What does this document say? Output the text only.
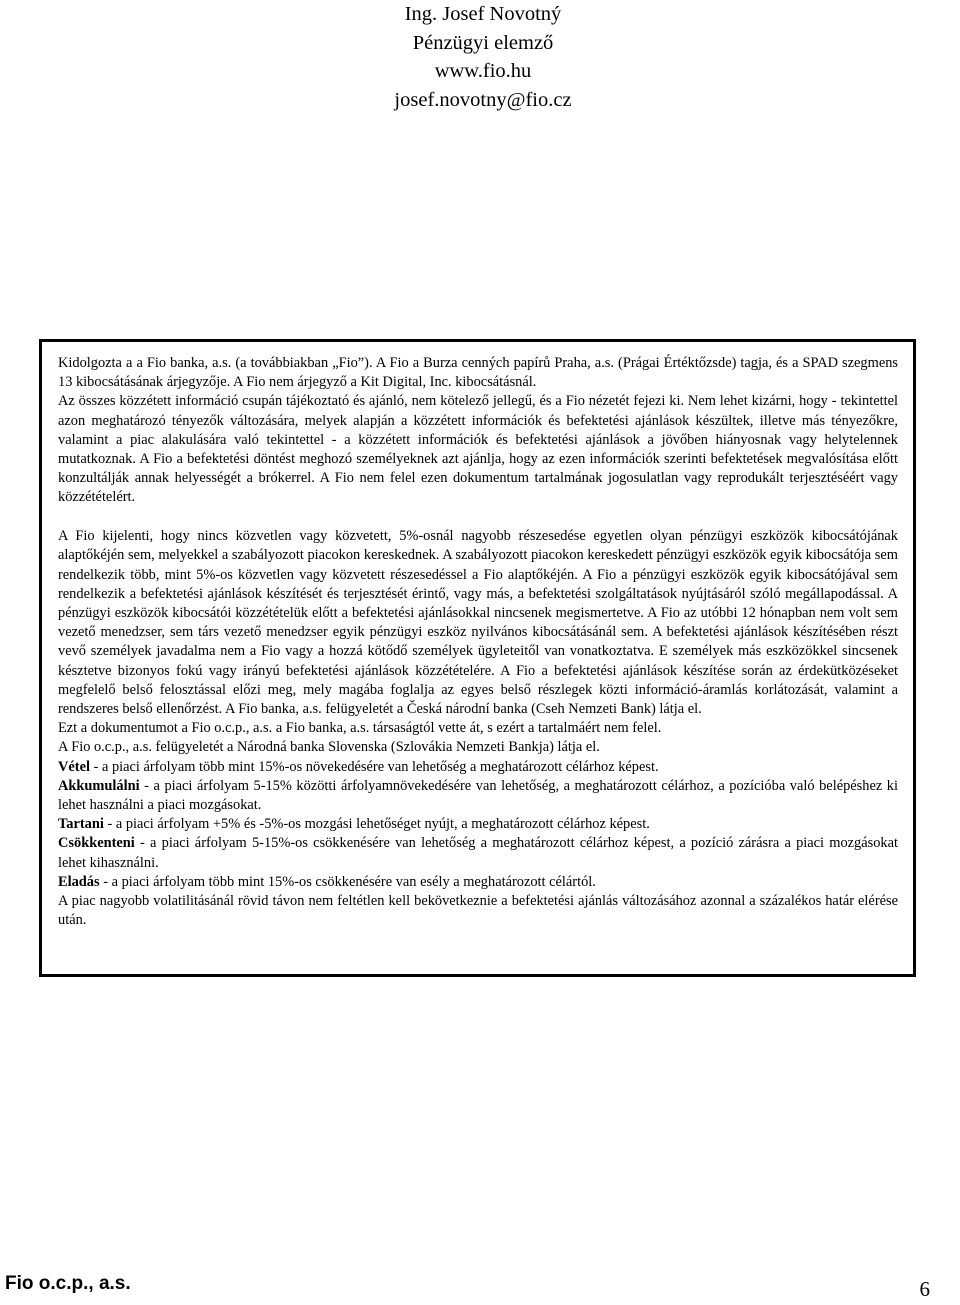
Ing. Josef Novotný
Pénzügyi elemző
www.fio.hu
josef.novotny@fio.cz

Kidolgozta a a Fio banka, a.s. (a továbbiakban „Fio”). A Fio a Burza cenných papírů Praha, a.s. (Prágai Értéktőzsde) tagja, és a SPAD szegmens 13 kibocsátásának árjegyzője. A Fio nem árjegyző a Kit Digital, Inc. kibocsátásnál.

Az összes közzétett információ csupán tájékoztató és ajánló, nem kötelező jellegű, és a Fio nézetét fejezi ki. Nem lehet kizárni, hogy - tekintettel azon meghatározó tényezők változására, melyek alapján a közzétett információk és befektetési ajánlások készültek, illetve más tényezőkre, valamint a piac alakulására való tekintettel - a közzétett információk és befektetési ajánlások a jövőben hiányosnak vagy helytelennek mutatkoznak. A Fio a befektetési döntést meghozó személyeknek azt ajánlja, hogy az ezen információk szerinti befektetések megvalósítása előtt konzultálják annak helyességét a brókerrel. A Fio nem felel ezen dokumentum tartalmának jogosulatlan vagy reprodukált terjesztéséért vagy közzétételért.

A Fio kijelenti, hogy nincs közvetlen vagy közvetett, 5%-osnál nagyobb részesedése egyetlen olyan pénzügyi eszközök kibocsátójának alaptőkéjén sem, melyekkel a szabályozott piacokon kereskednek. A szabályozott piacokon kereskedett pénzügyi eszközök egyik kibocsátója sem rendelkezik több, mint 5%-os közvetlen vagy közvetett részesedéssel a Fio alaptőkéjén. A Fio a pénzügyi eszközök egyik kibocsátójával sem rendelkezik a befektetési ajánlások készítését és terjesztését érintő, vagy más, a befektetési szolgáltatások nyújtásáról szóló megállapodással. A pénzügyi eszközök kibocsátói közzétételük előtt a befektetési ajánlásokkal nincsenek megismertetve. A Fio az utóbbi 12 hónapban nem volt sem vezető menedzser, sem társ vezető menedzser egyik pénzügyi eszköz nyilvános kibocsátásánál sem. A befektetési ajánlások készítésében részt vevő személyek javadalma nem a Fio vagy a hozzá kötődő személyek ügyleteitől van vonatkoztatva. E személyek más eszközökkel sincsenek késztetve bizonyos fokú vagy irányú befektetési ajánlások közzétételére. A Fio a befektetési ajánlások készítése során az érdekütközéseket megfelelő belső felosztással előzi meg, mely magába foglalja az egyes belső részlegek közti információ-áramlás korlátozását, valamint a rendszeres belső ellenőrzést. A Fio banka, a.s. felügyeletét a Česká národní banka (Cseh Nemzeti Bank) látja el.

Ezt a dokumentumot a Fio o.c.p., a.s. a Fio banka, a.s. társaságtól vette át, s ezért a tartalmáért nem felel.

A Fio o.c.p., a.s. felügyeletét a Národná banka Slovenska (Szlovákia Nemzeti Bankja) látja el.

Vétel - a piaci árfolyam több mint 15%-os növekedésére van lehetőség a meghatározott célárhoz képest.

Akkumulálni - a piaci árfolyam 5-15% közötti árfolyamnövekedésére van lehetőség, a meghatározott célárhoz, a pozícióba való belépéshez ki lehet használni a piaci mozgásokat.

Tartani - a piaci árfolyam +5% és -5%-os mozgási lehetőséget nyújt, a meghatározott célárhoz képest.

Csökkenteni - a piaci árfolyam 5-15%-os csökkenésére van lehetőség a meghatározott célárhoz képest, a pozíció zárásra a piaci mozgásokat lehet kihasználni.

Eladás - a piaci árfolyam több mint 15%-os csökkenésére van esély a meghatározott célártól.

A piac nagyobb volatilitásánál rövid távon nem feltétlen kell bekövetkeznie a befektetési ajánlás változásához azonnal a százalékos határ elérése után.

Fio o.c.p., a.s.	6
